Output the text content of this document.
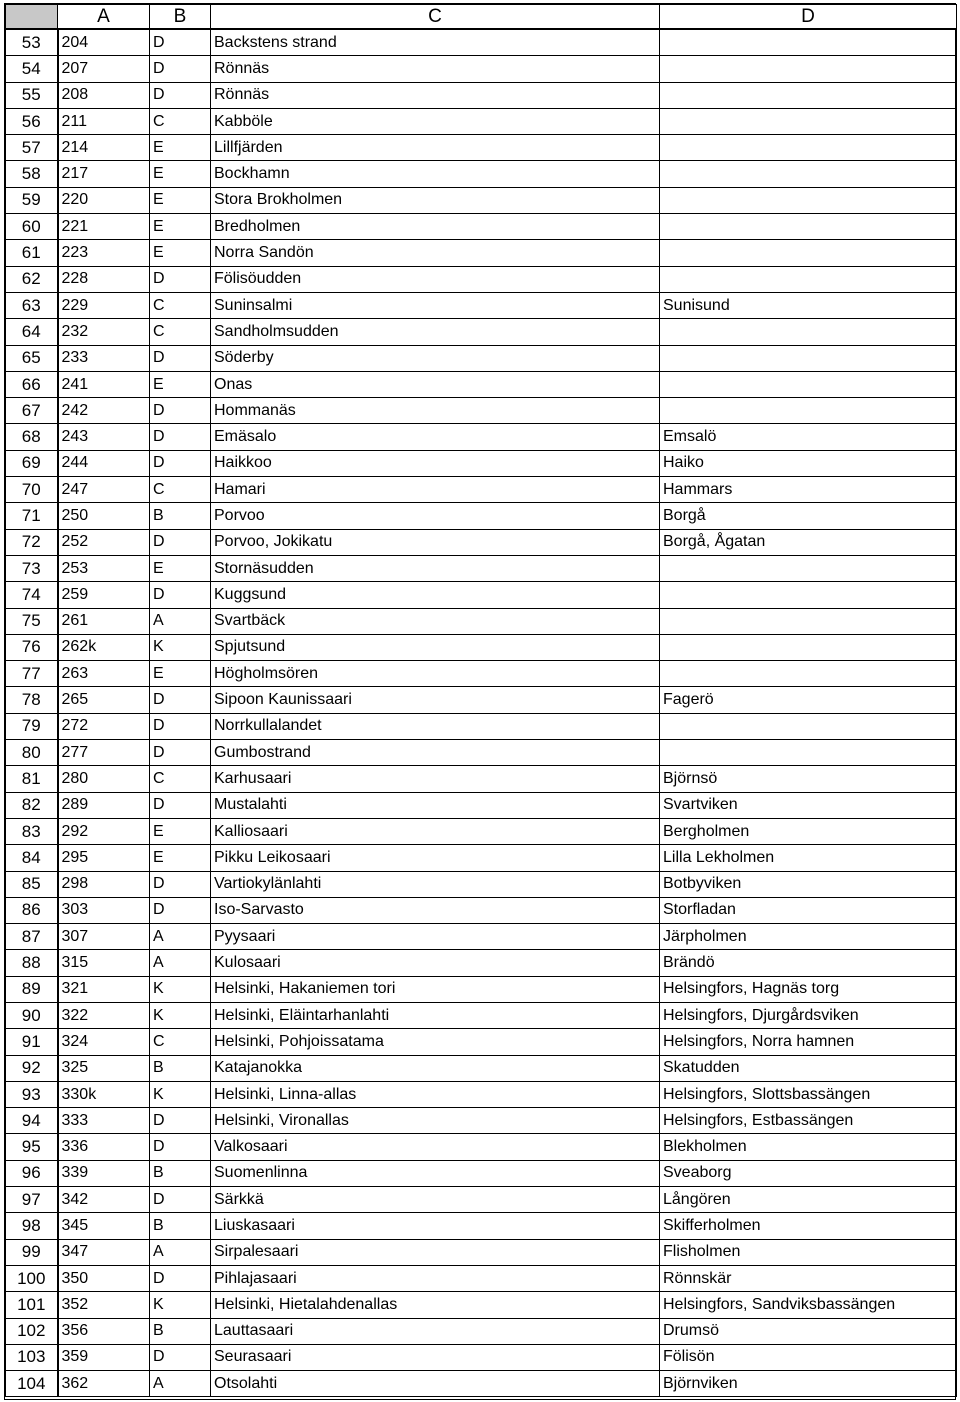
	A	B	C	D
53	204	D	Backstens strand	
54	207	D	Rönnäs	
55	208	D	Rönnäs	
56	211	C	Kabböle	
57	214	E	Lillfjärden	
58	217	E	Bockhamn	
59	220	E	Stora Brokholmen	
60	221	E	Bredholmen	
61	223	E	Norra Sandön	
62	228	D	Fölisöudden	
63	229	C	Suninsalmi	Sunisund
64	232	C	Sandholmsudden	
65	233	D	Söderby	
66	241	E	Onas	
67	242	D	Hommanäs	
68	243	D	Emäsalo	Emsalö
69	244	D	Haikkoo	Haiko
70	247	C	Hamari	Hammars
71	250	B	Porvoo	Borgå
72	252	D	Porvoo, Jokikatu	Borgå, Ågatan
73	253	E	Stornäsudden	
74	259	D	Kuggsund	
75	261	A	Svartbäck	
76	262k	K	Spjutsund	
77	263	E	Högholmsören	
78	265	D	Sipoon Kaunissaari	Fagerö
79	272	D	Norrkullalandet	
80	277	D	Gumbostrand	
81	280	C	Karhusaari	Björnsö
82	289	D	Mustalahti	Svartviken
83	292	E	Kalliosaari	Bergholmen
84	295	E	Pikku Leikosaari	Lilla Lekholmen
85	298	D	Vartiokylänlahti	Botbyviken
86	303	D	Iso-Sarvasto	Storfladan
87	307	A	Pyysaari	Järpholmen
88	315	A	Kulosaari	Brändö
89	321	K	Helsinki, Hakaniemen tori	Helsingfors, Hagnäs torg
90	322	K	Helsinki, Eläintarhanlahti	Helsingfors, Djurgårdsviken
91	324	C	Helsinki, Pohjoissatama	Helsingfors, Norra hamnen
92	325	B	Katajanokka	Skatudden
93	330k	K	Helsinki, Linna-allas	Helsingfors, Slottsbassängen
94	333	D	Helsinki, Vironallas	Helsingfors, Estbassängen
95	336	D	Valkosaari	Blekholmen
96	339	B	Suomenlinna	Sveaborg
97	342	D	Särkkä	Långören
98	345	B	Liuskasaari	Skifferholmen
99	347	A	Sirpalesaari	Flisholmen
100	350	D	Pihlajasaari	Rönnskär
101	352	K	Helsinki, Hietalahdenallas	Helsingfors, Sandviksbassängen
102	356	B	Lauttasaari	Drumsö
103	359	D	Seurasaari	Fölisön
104	362	A	Otsolahti	Björnviken
